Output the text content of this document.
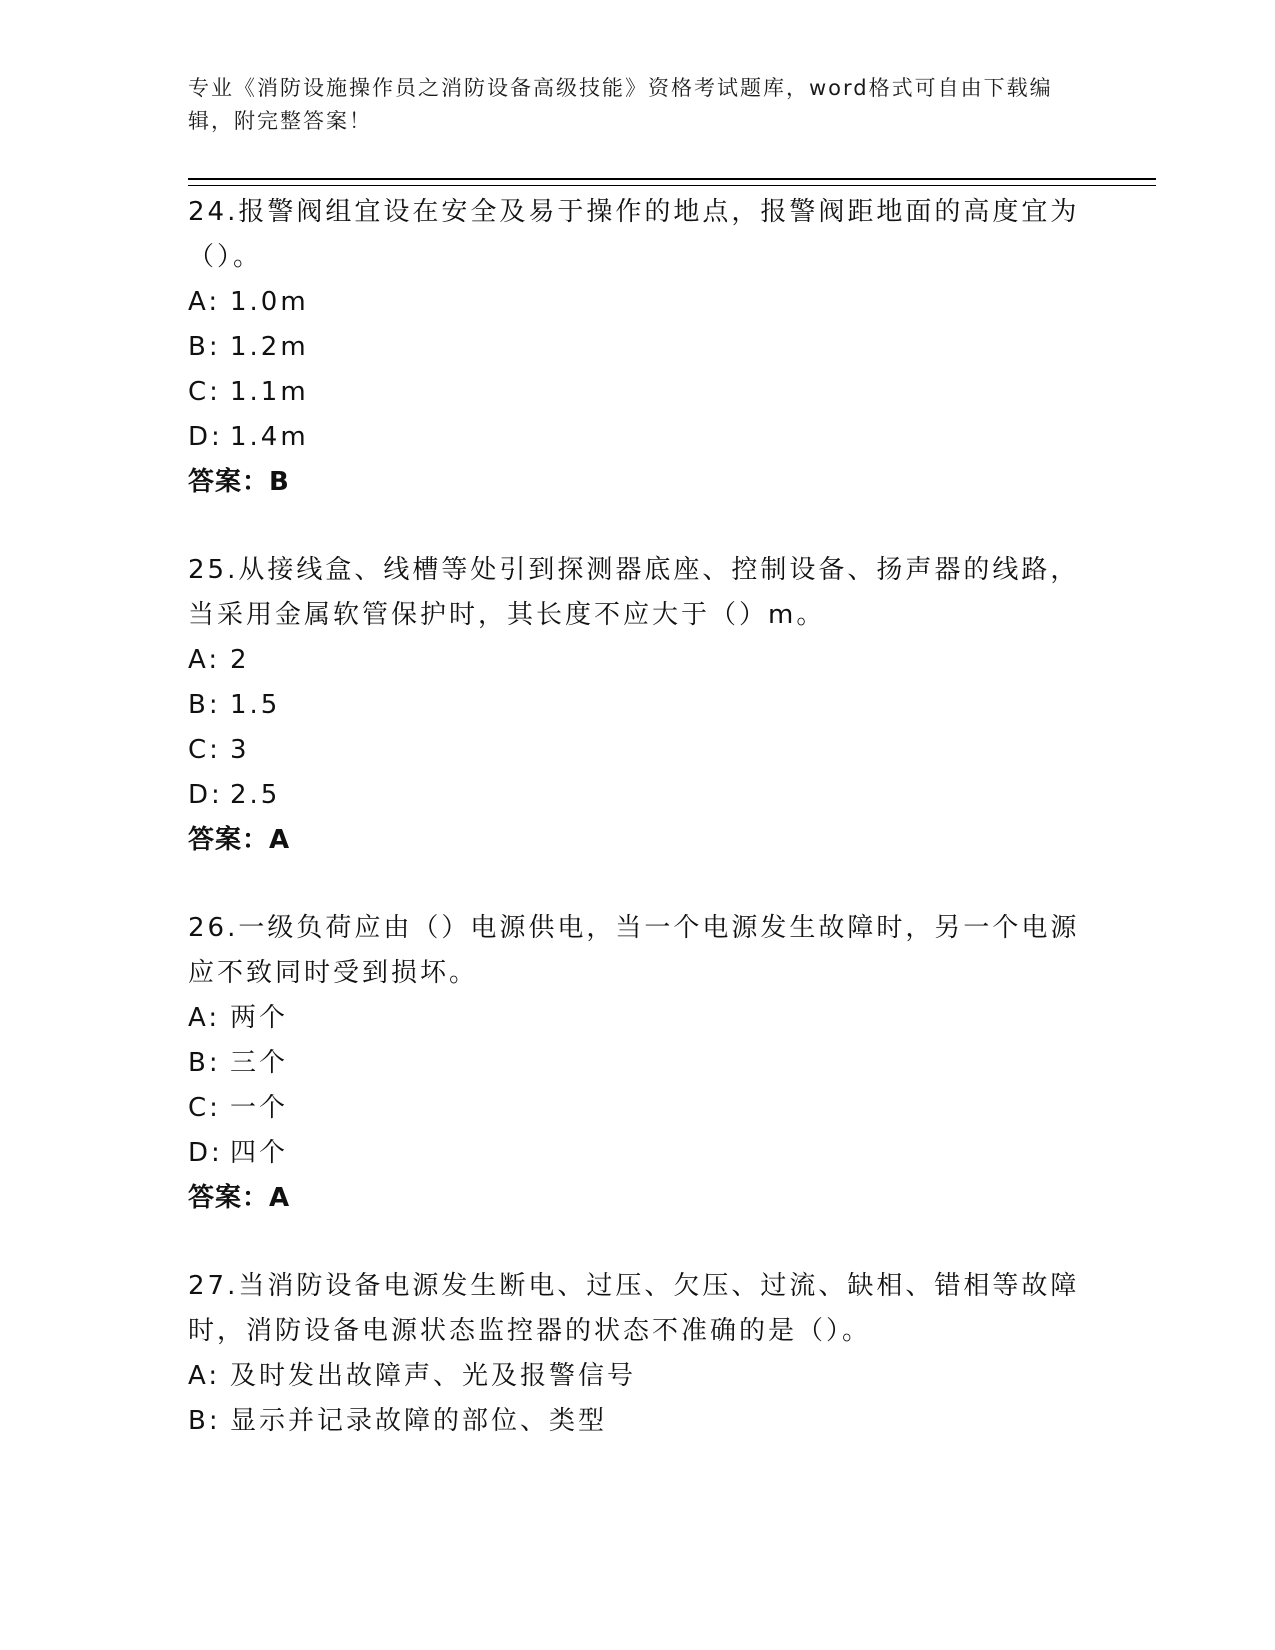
专业《消防设施操作员之消防设备高级技能》资格考试题库，word格式可自由下载编辑，附完整答案！

24.报警阀组宜设在安全及易于操作的地点，报警阀距地面的高度宜为（）。

A: 1.0m
B: 1.2m
C: 1.1m
D: 1.4m

答案：B

25.从接线盒、线槽等处引到探测器底座、控制设备、扬声器的线路，当采用金属软管保护时，其长度不应大于（）m。

A: 2
B: 1.5
C: 3
D: 2.5

答案：A

26.一级负荷应由（）电源供电，当一个电源发生故障时，另一个电源应不致同时受到损坏。

A: 两个
B: 三个
C: 一个
D: 四个

答案：A

27.当消防设备电源发生断电、过压、欠压、过流、缺相、错相等故障时，消防设备电源状态监控器的状态不准确的是（）。

A: 及时发出故障声、光及报警信号
B: 显示并记录故障的部位、类型
